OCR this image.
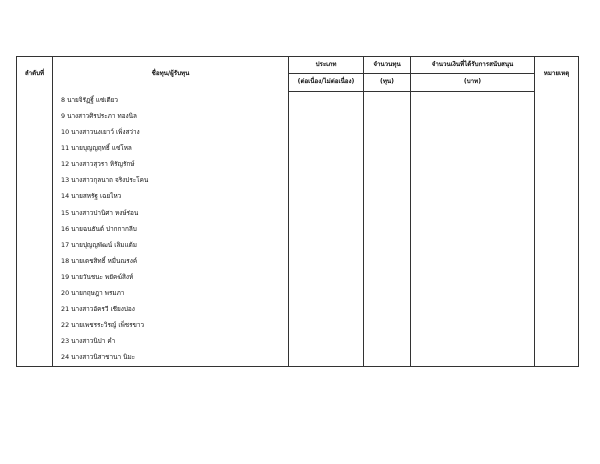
ลำดับที่	ชื่อทุน/ผู้รับทุน	ประเภท	จำนวนทุน	จำนวนเงินที่ได้รับการสนับสนุน	หมายเหตุ
		(ต่อเนื่อง/ไม่ต่อเนื่อง)	(ทุน)	(บาท)	
	8 นายจิรัฏฐิ์ แซ่เตียว				
	9 นางสาวศิรประภา ทองนิล				
	10 นางสาวนงเยาว์ เพิ่งสว่าง				
	11 นายบุญญฤทธิ์ แซ่โหล				
	12 นางสาวสุวรา หิรัญรักษ์				
	13 นางสาวกุลนาถ จริงประโคน				
	14 นายสหรัฐ เฉยไหว				
	15 นางสาวปานิศา หงษ์ร่อน				
	16 นายฉนธันต์ ปากกากลีบ				
	17 นายปุญญพัฒน์ เลิมแต้ม				
	18 นายเดชสิทธิ์ หมื่นณรงค์				
	19 นายวันชนะ พยัคฆ์สิงห์				
	20 นายกฤษฎา พรมภา				
	21 นางสาวอัครวี เชียงบ่อง				
	22 นายเพชรระวิรญ์ เพ็ชรขาว				
	23 นางสาวนิปา คำ				
	24 นางสาวนิสาชานา นิมะ				
